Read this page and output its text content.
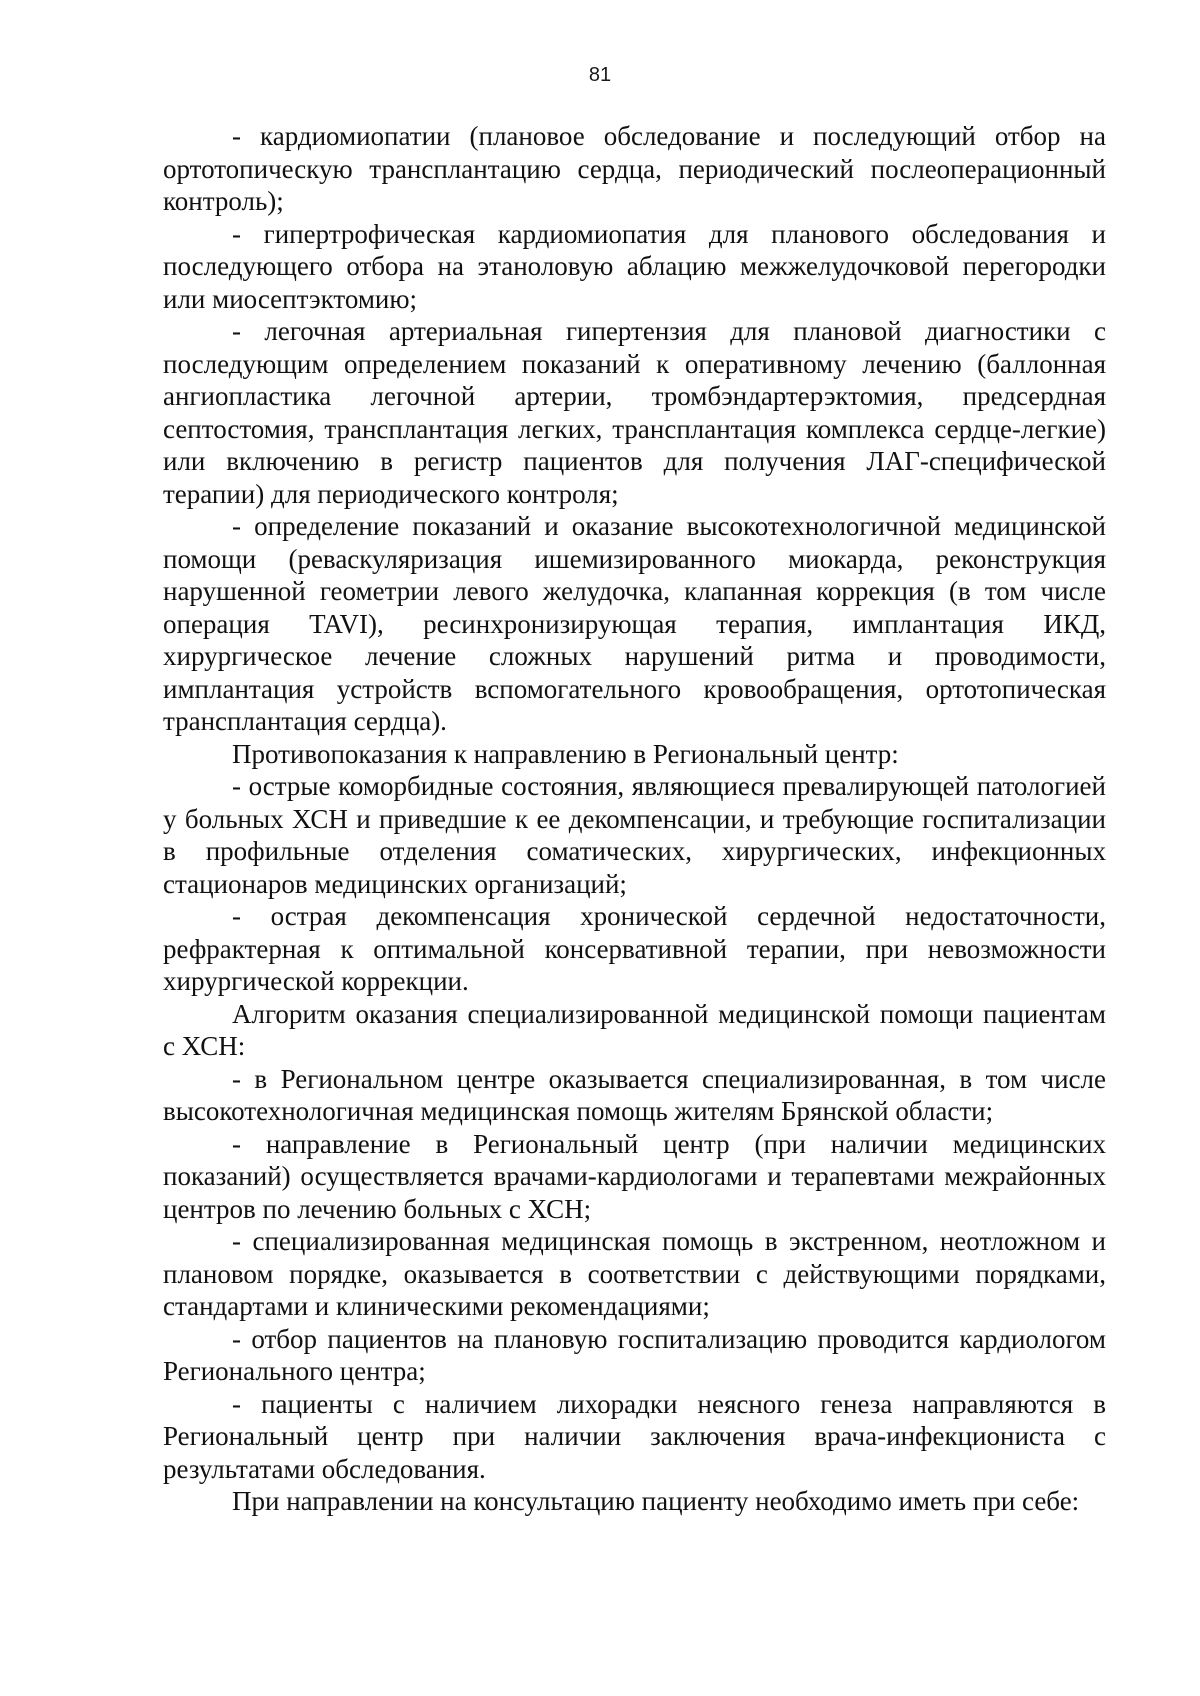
81

- кардиомиопатии (плановое обследование и последующий отбор на ортотопическую трансплантацию сердца, периодический послеоперационный контроль);

- гипертрофическая кардиомиопатия для планового обследования и последующего отбора на этаноловую аблацию межжелудочковой перегородки или миосептэктомию;

- легочная артериальная гипертензия для плановой диагностики с последующим определением показаний к оперативному лечению (баллонная ангиопластика легочной артерии, тромбэндартерэктомия, предсердная септостомия, трансплантация легких, трансплантация комплекса сердце-легкие) или включению в регистр пациентов для получения ЛАГ-специфической терапии) для периодического контроля;

- определение показаний и оказание высокотехнологичной медицинской помощи (реваскуляризация ишемизированного миокарда, реконструкция нарушенной геометрии левого желудочка, клапанная коррекция (в том числе операция TAVI), ресинхронизирующая терапия, имплантация ИКД, хирургическое лечение сложных нарушений ритма и проводимости, имплантация устройств вспомогательного кровообращения, ортотопическая трансплантация сердца).

Противопоказания к направлению в Региональный центр:

- острые коморбидные состояния, являющиеся превалирующей патологией у больных ХСН и приведшие к ее декомпенсации, и требующие госпитализации в профильные отделения соматических, хирургических, инфекционных стационаров медицинских организаций;

- острая декомпенсация хронической сердечной недостаточности, рефрактерная к оптимальной консервативной терапии, при невозможности хирургической коррекции.

Алгоритм оказания специализированной медицинской помощи пациентам с ХСН:

- в Региональном центре оказывается специализированная, в том числе высокотехнологичная медицинская помощь жителям Брянской области;

- направление в Региональный центр (при наличии медицинских показаний) осуществляется врачами-кардиологами и терапевтами межрайонных центров по лечению больных с ХСН;

- специализированная медицинская помощь в экстренном, неотложном и плановом порядке, оказывается в соответствии с действующими порядками, стандартами и клиническими рекомендациями;

- отбор пациентов на плановую госпитализацию проводится кардиологом Регионального центра;

- пациенты с наличием лихорадки неясного генеза направляются в Региональный центр при наличии заключения врача-инфекциониста с результатами обследования.

При направлении на консультацию пациенту необходимо иметь при себе:
